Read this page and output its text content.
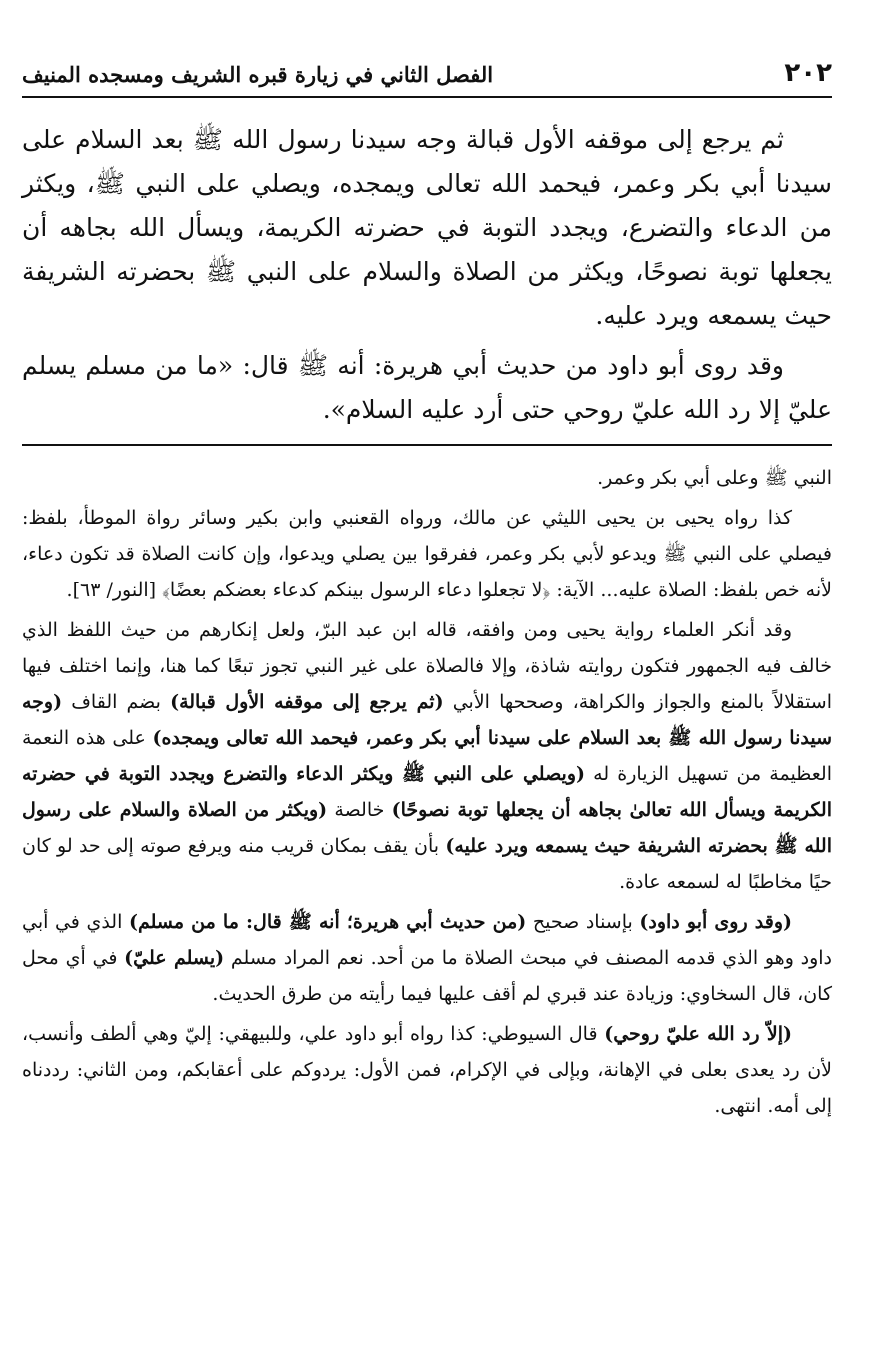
٢٠٢
الفصل الثاني في زيارة قبره الشريف ومسجده المنيف

ثم يرجع إلى موقفه الأول قبالة وجه سيدنا رسول الله ﷺ بعد السلام على سيدنا أبي بكر وعمر، فيحمد الله تعالى ويمجده، ويصلي على النبي ﷺ، ويكثر من الدعاء والتضرع، ويجدد التوبة في حضرته الكريمة، ويسأل الله بجاهه أن يجعلها توبة نصوحًا، ويكثر من الصلاة والسلام على النبي ﷺ بحضرته الشريفة حيث يسمعه ويرد عليه.

وقد روى أبو داود من حديث أبي هريرة: أنه ﷺ قال: «ما من مسلم يسلم عليّ إلا رد الله عليّ روحي حتى أرد عليه السلام».

النبي ﷺ وعلى أبي بكر وعمر.

كذا رواه يحيى بن يحيى الليثي عن مالك، ورواه القعنبي وابن بكير وسائر رواة الموطأ، بلفظ: فيصلي على النبي ﷺ ويدعو لأبي بكر وعمر، ففرقوا بين يصلي ويدعوا، وإن كانت الصلاة قد تكون دعاء، لأنه خص بلفظ: الصلاة عليه... الآية: ﴿لا تجعلوا دعاء الرسول بينكم كدعاء بعضكم بعضًا﴾ [النور/ ٦٣].

وقد أنكر العلماء رواية يحيى ومن وافقه، قاله ابن عبد البرّ، ولعل إنكارهم من حيث اللفظ الذي خالف فيه الجمهور فتكون روايته شاذة، وإلا فالصلاة على غير النبي تجوز تبعًا كما هنا، وإنما اختلف فيها استقلالاً بالمنع والجواز والكراهة، وصححها الأبي (ثم يرجع إلى موقفه الأول قبالة) بضم القاف (وجه سيدنا رسول الله ﷺ بعد السلام على سيدنا أبي بكر وعمر، فيحمد الله تعالى ويمجده) على هذه النعمة العظيمة من تسهيل الزيارة له (ويصلي على النبي ﷺ ويكثر الدعاء والتضرع ويجدد التوبة في حضرته الكريمة ويسأل الله تعالىٰ بجاهه أن يجعلها توبة نصوحًا) خالصة (ويكثر من الصلاة والسلام على رسول الله ﷺ بحضرته الشريفة حيث يسمعه ويرد عليه) بأن يقف بمكان قريب منه ويرفع صوته إلى حد لو كان حيًا مخاطبًا له لسمعه عادة.

(وقد روى أبو داود) بإسناد صحيح (من حديث أبي هريرة؛ أنه ﷺ قال: ما من مسلم) الذي في أبي داود وهو الذي قدمه المصنف في مبحث الصلاة ما من أحد. نعم المراد مسلم (يسلم عليّ) في أي محل كان، قال السخاوي: وزيادة عند قبري لم أقف عليها فيما رأيته من طرق الحديث.

(إلاّ رد الله عليّ روحي) قال السيوطي: كذا رواه أبو داود علي، وللبيهقي: إليّ وهي ألطف وأنسب، لأن رد يعدى بعلى في الإهانة، وبإلى في الإكرام، فمن الأول: يردوكم على أعقابكم، ومن الثاني: رددناه إلى أمه. انتهى.
